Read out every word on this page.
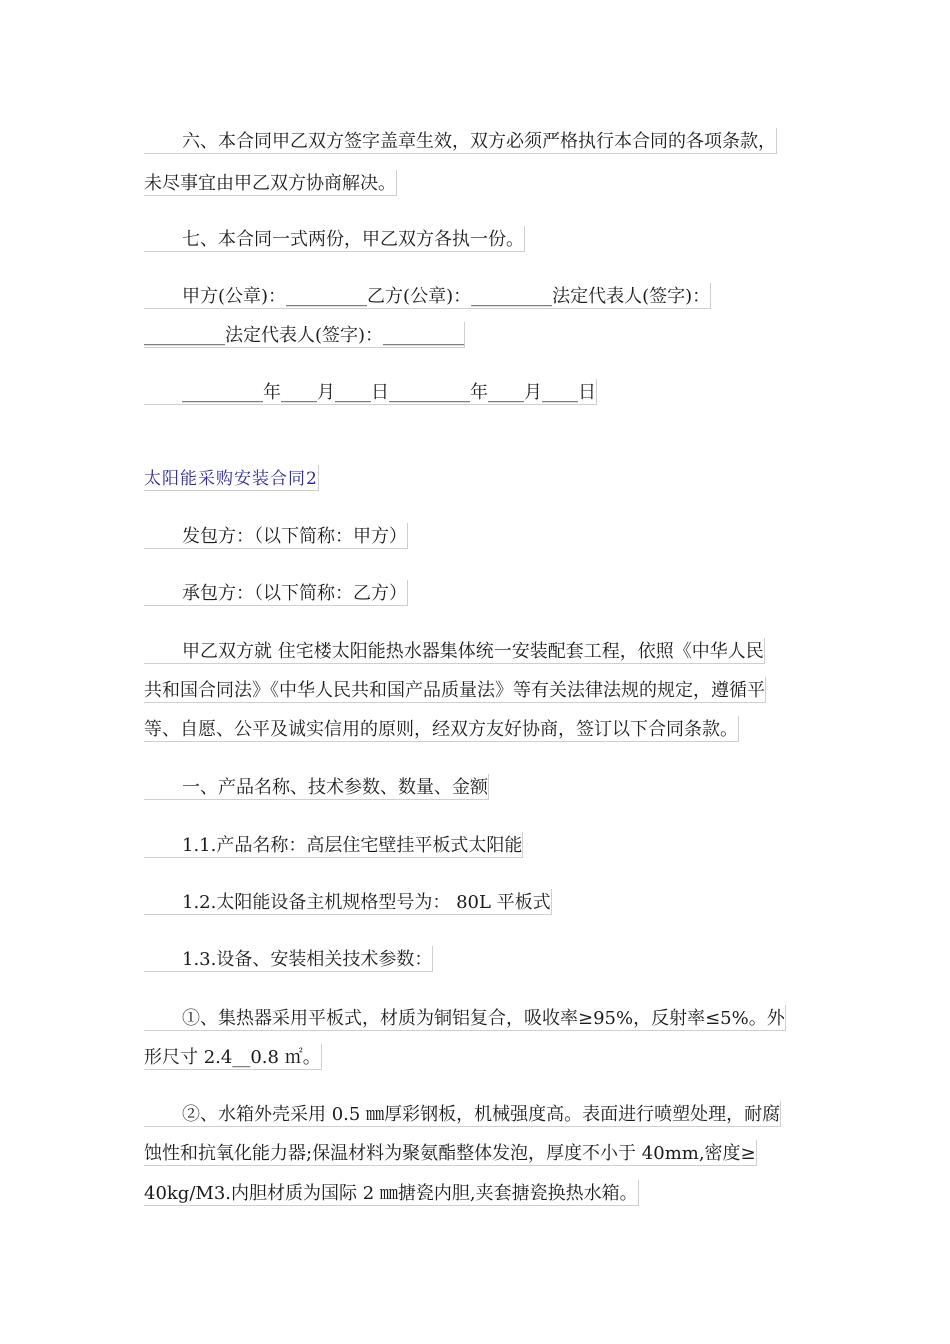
六、本合同甲乙双方签字盖章生效，双方必须严格执行本合同的各项条款，
未尽事宜由甲乙双方协商解决。
七、本合同一式两份，甲乙双方各执一份。
甲方(公章)：_________乙方(公章)：_________法定代表人(签字)：
_________法定代表人(签字)：_________
_________年____月____日_________年____月____日
太阳能采购安装合同2
发包方：（以下简称：甲方）
承包方：（以下简称：乙方）
甲乙双方就 住宅楼太阳能热水器集体统一安装配套工程，依照《中华人民
共和国合同法》《中华人民共和国产品质量法》等有关法律法规的规定，遵循平
等、自愿、公平及诚实信用的原则，经双方友好协商，签订以下合同条款。
一、产品名称、技术参数、数量、金额
1.1.产品名称：高层住宅壁挂平板式太阳能
1.2.太阳能设备主机规格型号为： 80L 平板式
1.3.设备、安装相关技术参数：
①、集热器采用平板式，材质为铜铝复合，吸收率≥95%，反射率≤5%。外
形尺寸 2.4__0.8 ㎡。
②、水箱外壳采用 0.5 ㎜厚彩钢板，机械强度高。表面进行喷塑处理，耐腐
蚀性和抗氧化能力器;保温材料为聚氨酯整体发泡，厚度不小于 40mm,密度≥
40kg/M3.内胆材质为国际 2 ㎜搪瓷内胆,夹套搪瓷换热水箱。
